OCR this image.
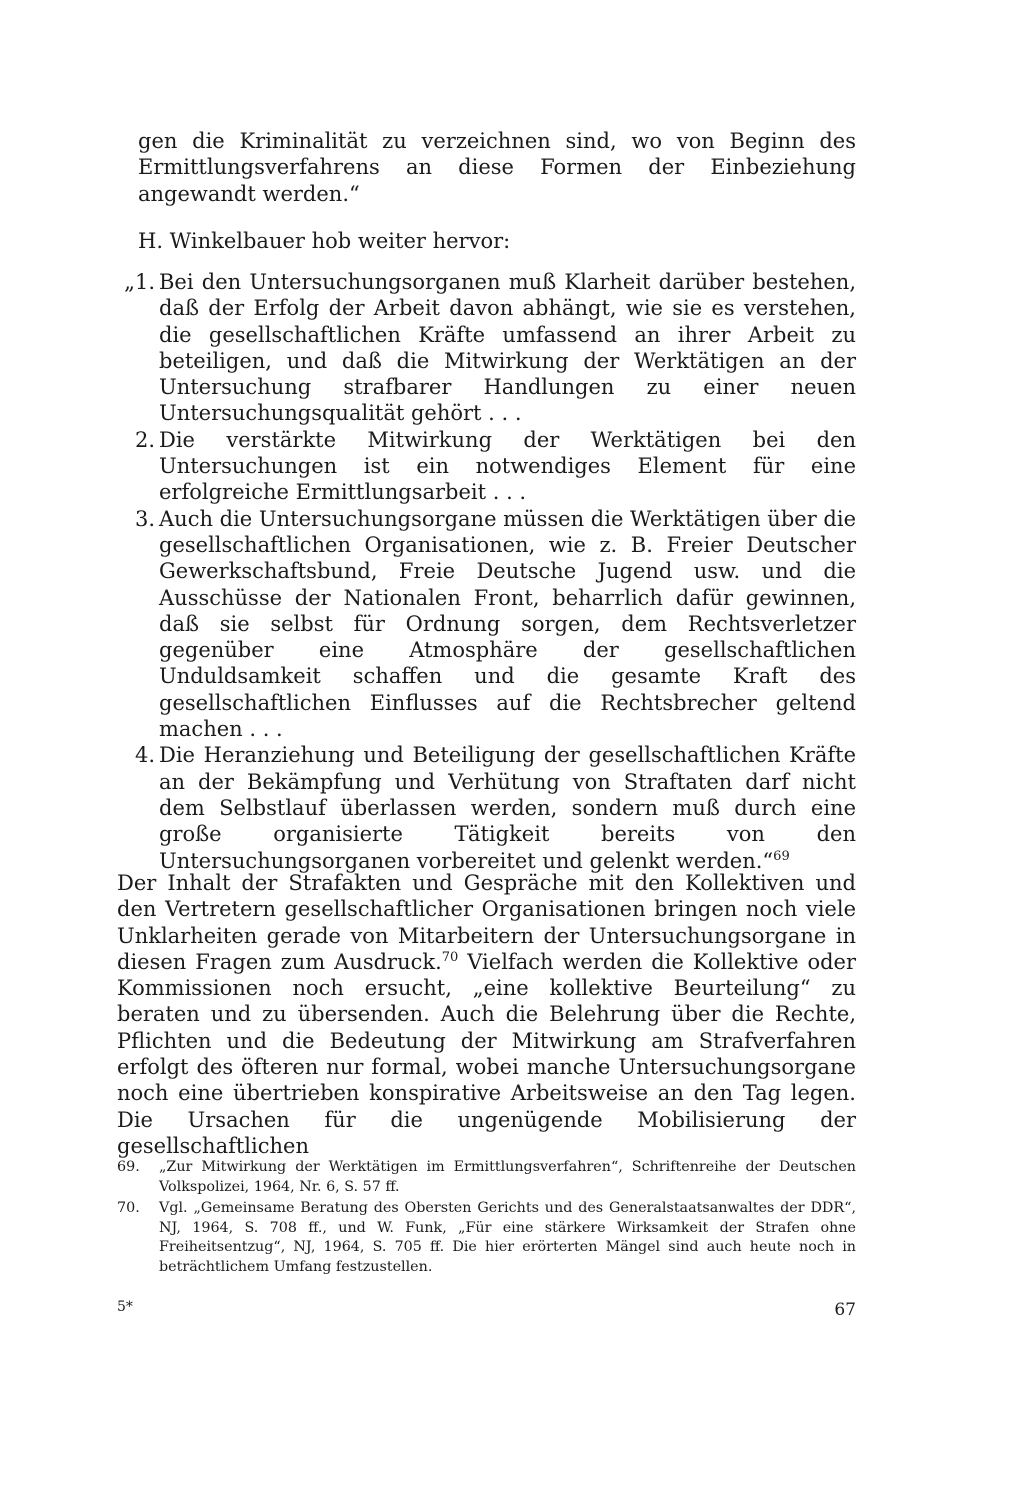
gen die Kriminalität zu verzeichnen sind, wo von Beginn des Ermittlungsverfahrens an diese Formen der Einbeziehung angewandt werden.“
H. Winkelbauer hob weiter hervor:
„1. Bei den Untersuchungsorganen muß Klarheit darüber bestehen, daß der Erfolg der Arbeit davon abhängt, wie sie es verstehen, die gesellschaftlichen Kräfte umfassend an ihrer Arbeit zu beteiligen, und daß die Mitwirkung der Werktätigen an der Untersuchung strafbarer Handlungen zu einer neuen Untersuchungsqualität gehört . . .
2. Die verstärkte Mitwirkung der Werktätigen bei den Untersuchungen ist ein notwendiges Element für eine erfolgreiche Ermittlungsarbeit . . .
3. Auch die Untersuchungsorgane müssen die Werktätigen über die gesellschaftlichen Organisationen, wie z. B. Freier Deutscher Gewerkschaftsbund, Freie Deutsche Jugend usw. und die Ausschüsse der Nationalen Front, beharrlich dafür gewinnen, daß sie selbst für Ordnung sorgen, dem Rechtsverletzer gegenüber eine Atmosphäre der gesellschaftlichen Unduldsamkeit schaffen und die gesamte Kraft des gesellschaftlichen Einflusses auf die Rechtsbrecher geltend machen . . .
4. Die Heranziehung und Beteiligung der gesellschaftlichen Kräfte an der Bekämpfung und Verhütung von Straftaten darf nicht dem Selbstlauf überlassen werden, sondern muß durch eine große organisierte Tätigkeit bereits von den Untersuchungsorganen vorbereitet und gelenkt werden.“$^{69}$
Der Inhalt der Strafakten und Gespräche mit den Kollektiven und den Vertretern gesellschaftlicher Organisationen bringen noch viele Unklarheiten gerade von Mitarbeitern der Untersuchungsorgane in diesen Fragen zum Ausdruck.$^{70}$ Vielfach werden die Kollektive oder Kommissionen noch ersucht, „eine kollektive Beurteilung“ zu beraten und zu übersenden. Auch die Belehrung über die Rechte, Pflichten und die Bedeutung der Mitwirkung am Strafverfahren erfolgt des öfteren nur formal, wobei manche Untersuchungsorgane noch eine übertrieben konspirative Arbeitsweise an den Tag legen. Die Ursachen für die ungenügende Mobilisierung der gesellschaftlichen
69. „Zur Mitwirkung der Werktätigen im Ermittlungsverfahren“, Schriftenreihe der Deutschen Volkspolizei, 1964, Nr. 6, S. 57 ff.
70. Vgl. „Gemeinsame Beratung des Obersten Gerichts und des Generalstaatsanwaltes der DDR“, NJ, 1964, S. 708 ff., und W. Funk, „Für eine stärkere Wirksamkeit der Strafen ohne Freiheitsentzug“, NJ, 1964, S. 705 ff. Die hier erörterten Mängel sind auch heute noch in beträchtlichem Umfang festzustellen.
5*	67
